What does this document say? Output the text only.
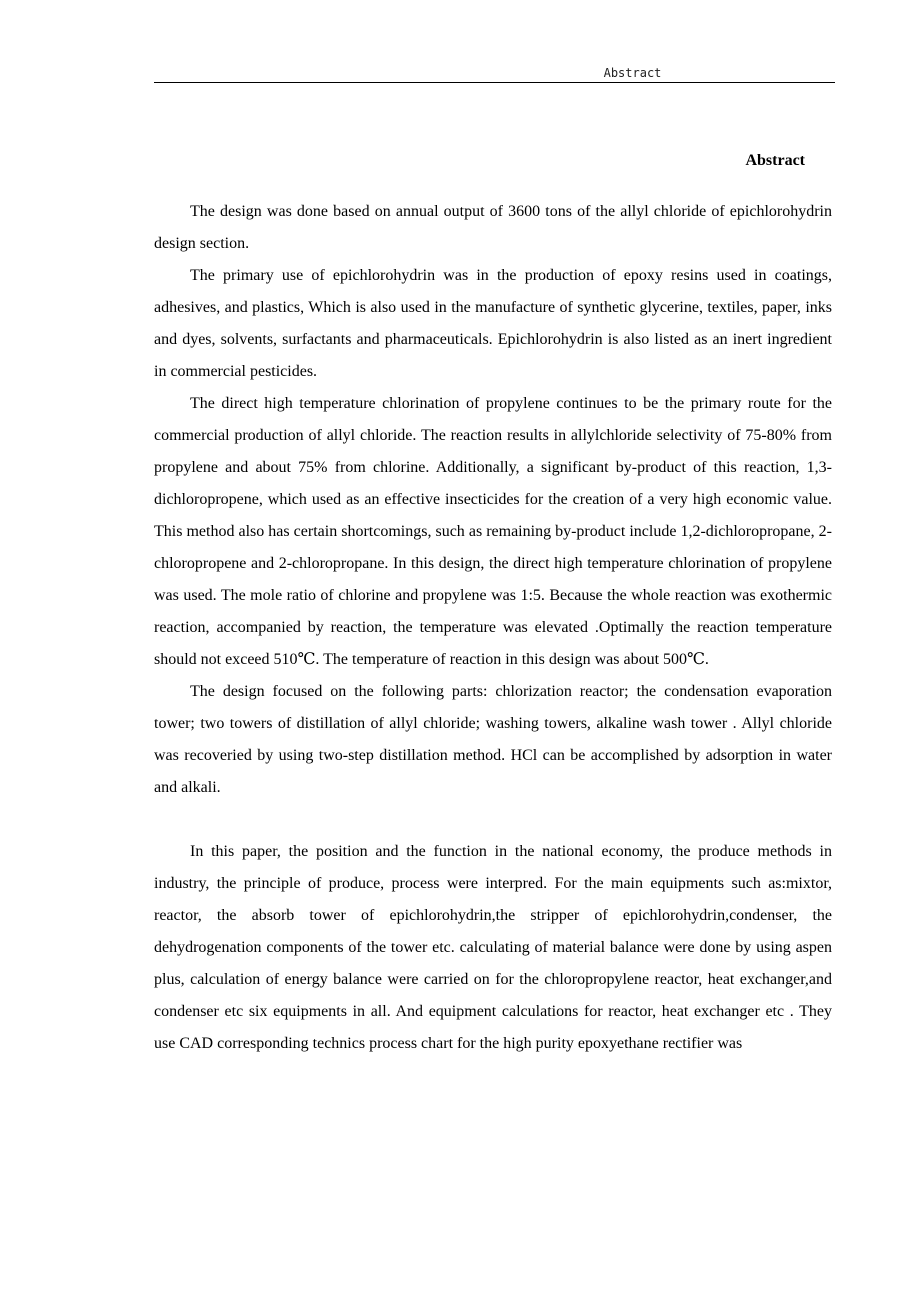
Abstract
Abstract

The design was done based on annual output of 3600 tons of the allyl chloride of epichlorohydrin design section.

The primary use of epichlorohydrin was in the production of epoxy resins used in coatings, adhesives, and plastics, Which is also used in the manufacture of synthetic glycerine, textiles, paper, inks and dyes, solvents, surfactants and pharmaceuticals. Epichlorohydrin is also listed as an inert ingredient in commercial pesticides.

The direct high temperature chlorination of propylene continues to be the primary route for the commercial production of allyl chloride. The reaction results in allylchloride selectivity of 75-80% from propylene and about 75% from chlorine. Additionally, a significant by-product of this reaction, 1,3-dichloropropene, which used as an effective insecticides for the creation of a very high economic value. This method also has certain shortcomings, such as remaining by-product include 1,2-dichloropropane, 2-chloropropene and 2-chloropropane. In this design, the direct high temperature chlorination of propylene was used. The mole ratio of chlorine and propylene was 1:5. Because the whole reaction was exothermic reaction, accompanied by reaction, the temperature was elevated .Optimally the reaction temperature should not exceed 510℃. The temperature of reaction in this design was about 500℃.

The design focused on the following parts: chlorization reactor; the condensation evaporation tower; two towers of distillation of allyl chloride; washing towers, alkaline wash tower . Allyl chloride was recoveried by using two-step distillation method. HCl can be accomplished by adsorption in water and alkali.

In this paper, the position and the function in the national economy, the produce methods in industry, the principle of produce, process were interpred. For the main equipments such as:mixtor, reactor, the absorb tower of epichlorohydrin,the stripper of epichlorohydrin,condenser, the dehydrogenation components of the tower etc. calculating of material balance were done by using aspen plus, calculation of energy balance were carried on for the chloropropylene reactor, heat exchanger,and condenser etc six equipments in all. And equipment calculations for reactor, heat exchanger etc . They use CAD corresponding technics process chart for the high purity epoxyethane rectifier was
